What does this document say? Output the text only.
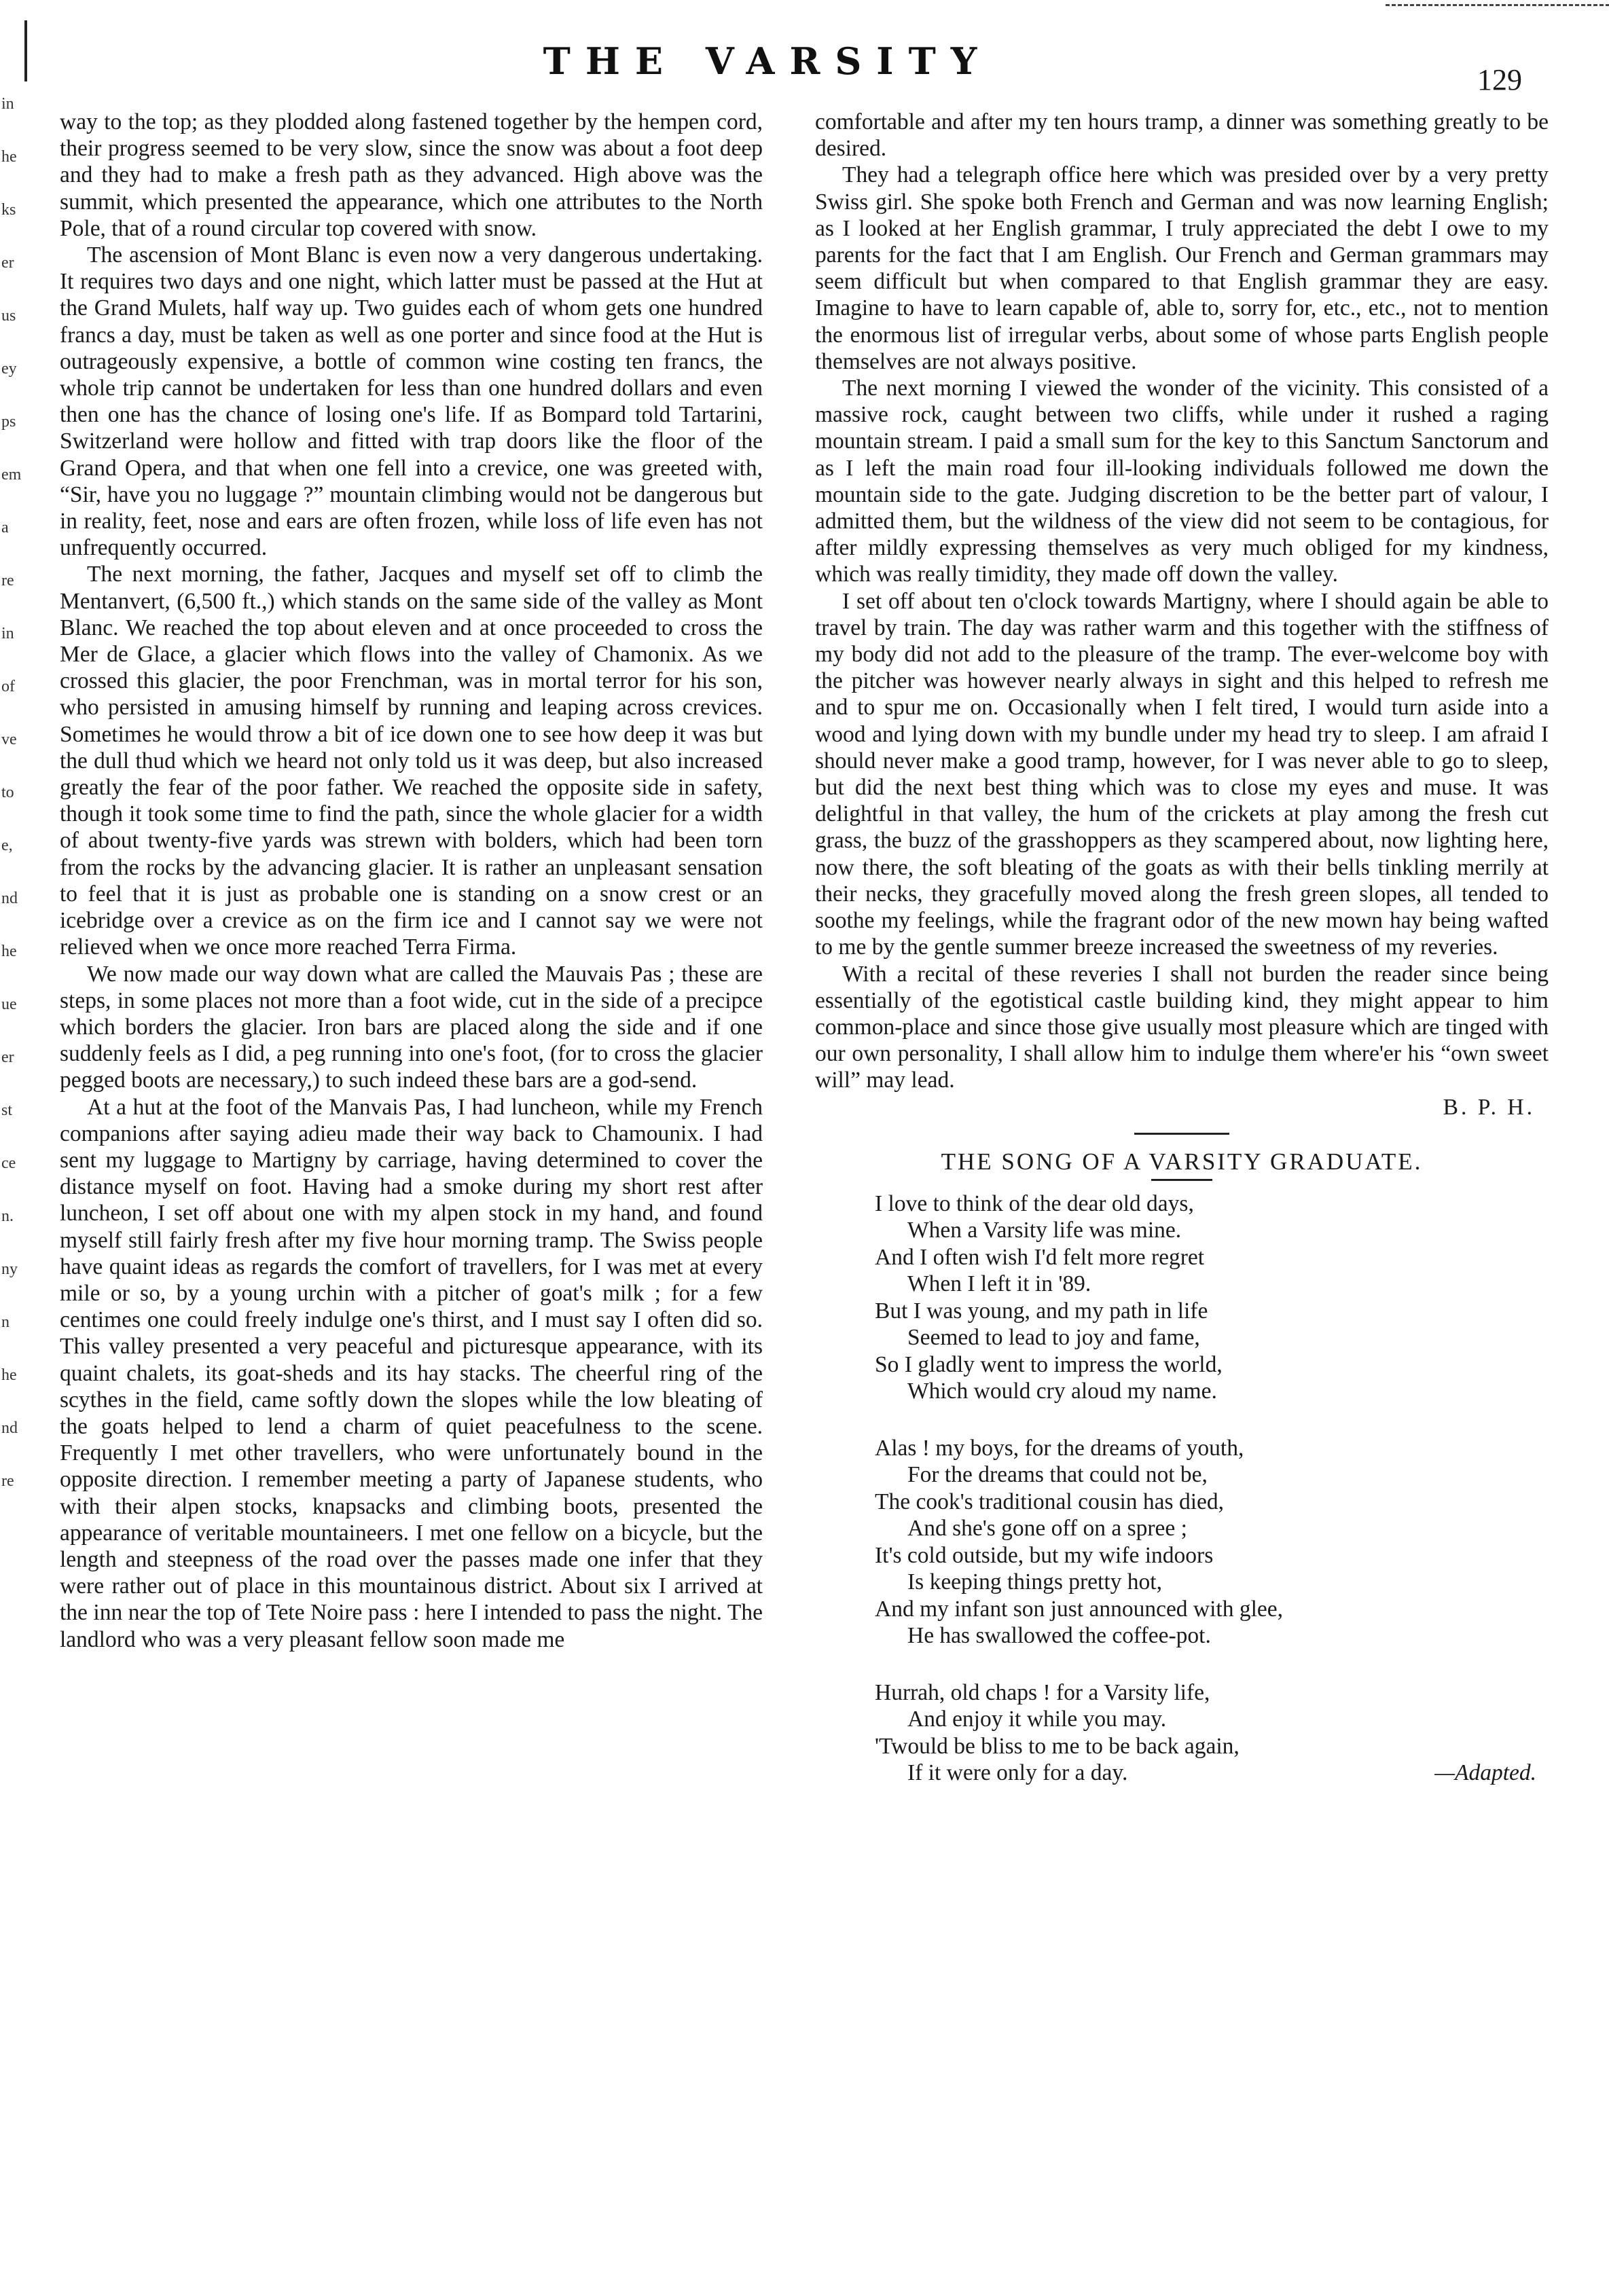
in
he
ks
er
us
ey
ps
em
a
re
in
of
ve
to
e,
nd
he
ue
er
st
ce
n.
ny
n
he
nd
re
THE VARSITY	129

way to the top; as they plodded along fastened together by the hempen cord, their progress seemed to be very slow, since the snow was about a foot deep and they had to make a fresh path as they advanced. High above was the summit, which presented the appearance, which one attributes to the North Pole, that of a round circular top covered with snow.

The ascension of Mont Blanc is even now a very dangerous undertaking. It requires two days and one night, which latter must be passed at the Hut at the Grand Mulets, half way up. Two guides each of whom gets one hundred francs a day, must be taken as well as one porter and since food at the Hut is outrageously expensive, a bottle of common wine costing ten francs, the whole trip cannot be undertaken for less than one hundred dollars and even then one has the chance of losing one's life. If as Bompard told Tartarini, Switzerland were hollow and fitted with trap doors like the floor of the Grand Opera, and that when one fell into a crevice, one was greeted with, “Sir, have you no luggage ?” mountain climbing would not be dangerous but in reality, feet, nose and ears are often frozen, while loss of life even has not unfrequently occurred.

The next morning, the father, Jacques and myself set off to climb the Mentanvert, (6,500 ft.,) which stands on the same side of the valley as Mont Blanc. We reached the top about eleven and at once proceeded to cross the Mer de Glace, a glacier which flows into the valley of Chamonix. As we crossed this glacier, the poor Frenchman, was in mortal terror for his son, who persisted in amusing himself by running and leaping across crevices. Sometimes he would throw a bit of ice down one to see how deep it was but the dull thud which we heard not only told us it was deep, but also increased greatly the fear of the poor father. We reached the opposite side in safety, though it took some time to find the path, since the whole glacier for a width of about twenty-five yards was strewn with bolders, which had been torn from the rocks by the advancing glacier. It is rather an unpleasant sensation to feel that it is just as probable one is standing on a snow crest or an icebridge over a crevice as on the firm ice and I cannot say we were not relieved when we once more reached Terra Firma.

We now made our way down what are called the Mauvais Pas ; these are steps, in some places not more than a foot wide, cut in the side of a precipce which borders the glacier. Iron bars are placed along the side and if one suddenly feels as I did, a peg running into one's foot, (for to cross the glacier pegged boots are necessary,) to such indeed these bars are a god-send.

At a hut at the foot of the Manvais Pas, I had luncheon, while my French companions after saying adieu made their way back to Chamounix. I had sent my luggage to Martigny by carriage, having determined to cover the distance myself on foot. Having had a smoke during my short rest after luncheon, I set off about one with my alpen stock in my hand, and found myself still fairly fresh after my five hour morning tramp. The Swiss people have quaint ideas as regards the comfort of travellers, for I was met at every mile or so, by a young urchin with a pitcher of goat's milk ; for a few centimes one could freely indulge one's thirst, and I must say I often did so. This valley presented a very peaceful and picturesque appearance, with its quaint chalets, its goat-sheds and its hay stacks. The cheerful ring of the scythes in the field, came softly down the slopes while the low bleating of the goats helped to lend a charm of quiet peacefulness to the scene. Frequently I met other travellers, who were unfortunately bound in the opposite direction. I remember meeting a party of Japanese students, who with their alpen stocks, knapsacks and climbing boots, presented the appearance of veritable mountaineers. I met one fellow on a bicycle, but the length and steepness of the road over the passes made one infer that they were rather out of place in this mountainous district. About six I arrived at the inn near the top of Tete Noire pass : here I intended to pass the night. The landlord who was a very pleasant fellow soon made me

comfortable and after my ten hours tramp, a dinner was something greatly to be desired.

They had a telegraph office here which was presided over by a very pretty Swiss girl. She spoke both French and German and was now learning English; as I looked at her English grammar, I truly appreciated the debt I owe to my parents for the fact that I am English. Our French and German grammars may seem difficult but when compared to that English grammar they are easy. Imagine to have to learn capable of, able to, sorry for, etc., etc., not to mention the enormous list of irregular verbs, about some of whose parts English people themselves are not always positive.

The next morning I viewed the wonder of the vicinity. This consisted of a massive rock, caught between two cliffs, while under it rushed a raging mountain stream. I paid a small sum for the key to this Sanctum Sanctorum and as I left the main road four ill-looking individuals followed me down the mountain side to the gate. Judging discretion to be the better part of valour, I admitted them, but the wildness of the view did not seem to be contagious, for after mildly expressing themselves as very much obliged for my kindness, which was really timidity, they made off down the valley.

I set off about ten o'clock towards Martigny, where I should again be able to travel by train. The day was rather warm and this together with the stiffness of my body did not add to the pleasure of the tramp. The ever-welcome boy with the pitcher was however nearly always in sight and this helped to refresh me and to spur me on. Occasionally when I felt tired, I would turn aside into a wood and lying down with my bundle under my head try to sleep. I am afraid I should never make a good tramp, however, for I was never able to go to sleep, but did the next best thing which was to close my eyes and muse. It was delightful in that valley, the hum of the crickets at play among the fresh cut grass, the buzz of the grasshoppers as they scampered about, now lighting here, now there, the soft bleating of the goats as with their bells tinkling merrily at their necks, they gracefully moved along the fresh green slopes, all tended to soothe my feelings, while the fragrant odor of the new mown hay being wafted to me by the gentle summer breeze increased the sweetness of my reveries.

With a recital of these reveries I shall not burden the reader since being essentially of the egotistical castle building kind, they might appear to him common-place and since those give usually most pleasure which are tinged with our own personality, I shall allow him to indulge them where'er his “own sweet will” may lead.

B. P. H.
THE SONG OF A VARSITY GRADUATE.
I love to think of the dear old days,
When a Varsity life was mine.
And I often wish I'd felt more regret
When I left it in '89.
But I was young, and my path in life
Seemed to lead to joy and fame,
So I gladly went to impress the world,
Which would cry aloud my name.
Alas ! my boys, for the dreams of youth,
For the dreams that could not be,
The cook's traditional cousin has died,
And she's gone off on a spree ;
It's cold outside, but my wife indoors
Is keeping things pretty hot,
And my infant son just announced with glee,
He has swallowed the coffee-pot.
Hurrah, old chaps ! for a Varsity life,
And enjoy it while you may.
'Twould be bliss to me to be back again,
If it were only for a day.	—Adapted.
